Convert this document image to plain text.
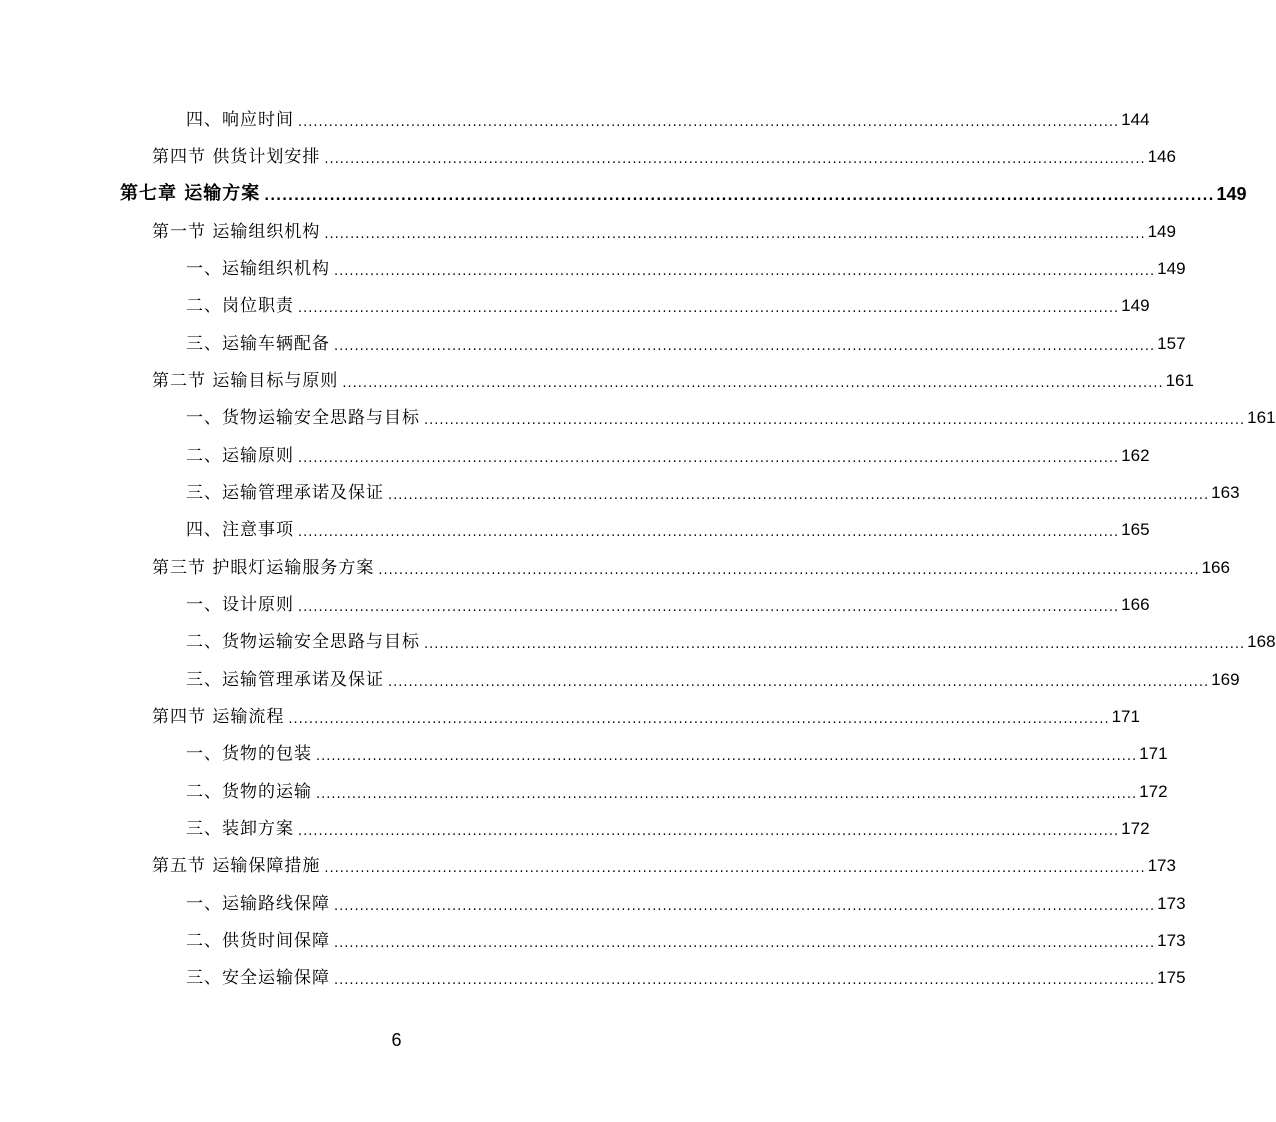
四、响应时间 ................................................................................................................................................................ 144
第四节 供货计划安排 ................................................................................................................................................................ 146
第七章 运输方案 ................................................................................................................................................................ 149
第一节 运输组织机构 ................................................................................................................................................................ 149
一、运输组织机构 ................................................................................................................................................................ 149
二、岗位职责 ................................................................................................................................................................ 149
三、运输车辆配备 ................................................................................................................................................................ 157
第二节 运输目标与原则 ................................................................................................................................................................ 161
一、货物运输安全思路与目标 ................................................................................................................................................................ 161
二、运输原则 ................................................................................................................................................................ 162
三、运输管理承诺及保证 ................................................................................................................................................................ 163
四、注意事项 ................................................................................................................................................................ 165
第三节 护眼灯运输服务方案 ................................................................................................................................................................ 166
一、设计原则 ................................................................................................................................................................ 166
二、货物运输安全思路与目标 ................................................................................................................................................................ 168
三、运输管理承诺及保证 ................................................................................................................................................................ 169
第四节 运输流程 ................................................................................................................................................................ 171
一、货物的包装 ................................................................................................................................................................ 171
二、货物的运输 ................................................................................................................................................................ 172
三、装卸方案 ................................................................................................................................................................ 172
第五节 运输保障措施 ................................................................................................................................................................ 173
一、运输路线保障 ................................................................................................................................................................ 173
二、供货时间保障 ................................................................................................................................................................ 173
三、安全运输保障 ................................................................................................................................................................ 175
6
